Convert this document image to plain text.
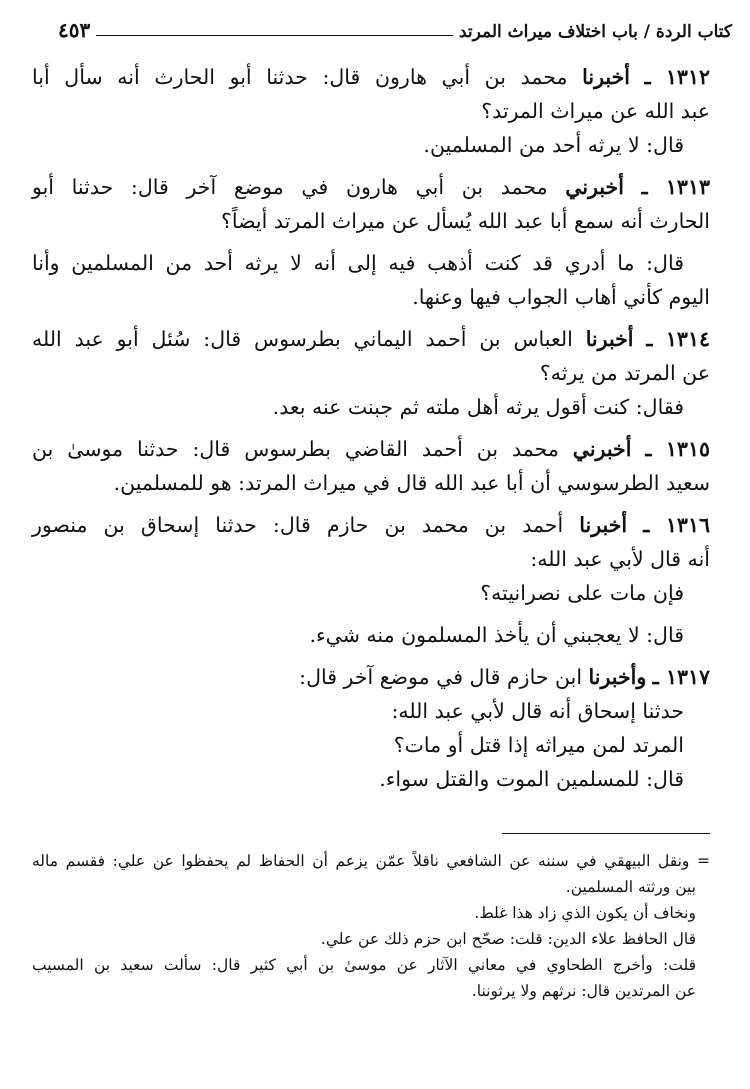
كتاب الردة / باب اختلاف ميراث المرتد
٤٥٣

١٣١٢ ـ أخبرنا محمد بن أبي هارون قال: حدثنا أبو الحارث أنه سأل أبا

عبد الله عن ميراث المرتد؟

قال: لا يرثه أحد من المسلمين.

١٣١٣ ـ أخبرني محمد بن أبي هارون في موضع آخر قال: حدثنا أبو

الحارث أنه سمع أبا عبد الله يُسأل عن ميراث المرتد أيضاً؟

قال: ما أدري قد كنت أذهب فيه إلى أنه لا يرثه أحد من المسلمين وأنا

اليوم كأني أهاب الجواب فيها وعنها.

١٣١٤ ـ أخبرنا العباس بن أحمد اليماني بطرسوس قال: سُئل أبو عبد الله

عن المرتد من يرثه؟

فقال: كنت أقول يرثه أهل ملته ثم جبنت عنه بعد.

١٣١٥ ـ أخبرني محمد بن أحمد القاضي بطرسوس قال: حدثنا موسىٰ بن

سعيد الطرسوسي أن أبا عبد الله قال في ميراث المرتد: هو للمسلمين.

١٣١٦ ـ أخبرنا أحمد بن محمد بن حازم قال: حدثنا إسحاق بن منصور

أنه قال لأبي عبد الله:

فإن مات على نصرانيته؟

قال: لا يعجبني أن يأخذ المسلمون منه شيء.

١٣١٧ ـ وأخبرنا ابن حازم قال في موضع آخر قال:

حدثنا إسحاق أنه قال لأبي عبد الله:

المرتد لمن ميراثه إذا قتل أو مات؟

قال: للمسلمين الموت والقتل سواء.

= ونقل البيهقي في سننه عن الشافعي ناقلاً عمّن يزعم أن الحفاظ لم يحفظوا عن علي: فقسم ماله

بين ورثته المسلمين.

ونخاف أن يكون الذي زاد هذا غلط.

قال الحافظ علاء الدين: قلت: صحّح ابن حزم ذلك عن علي.

قلت: وأخرج الطحاوي في معاني الآثار عن موسىٰ بن أبي كثير قال: سألت سعيد بن المسيب

عن المرتدين قال: نرثهم ولا يرثوننا.
